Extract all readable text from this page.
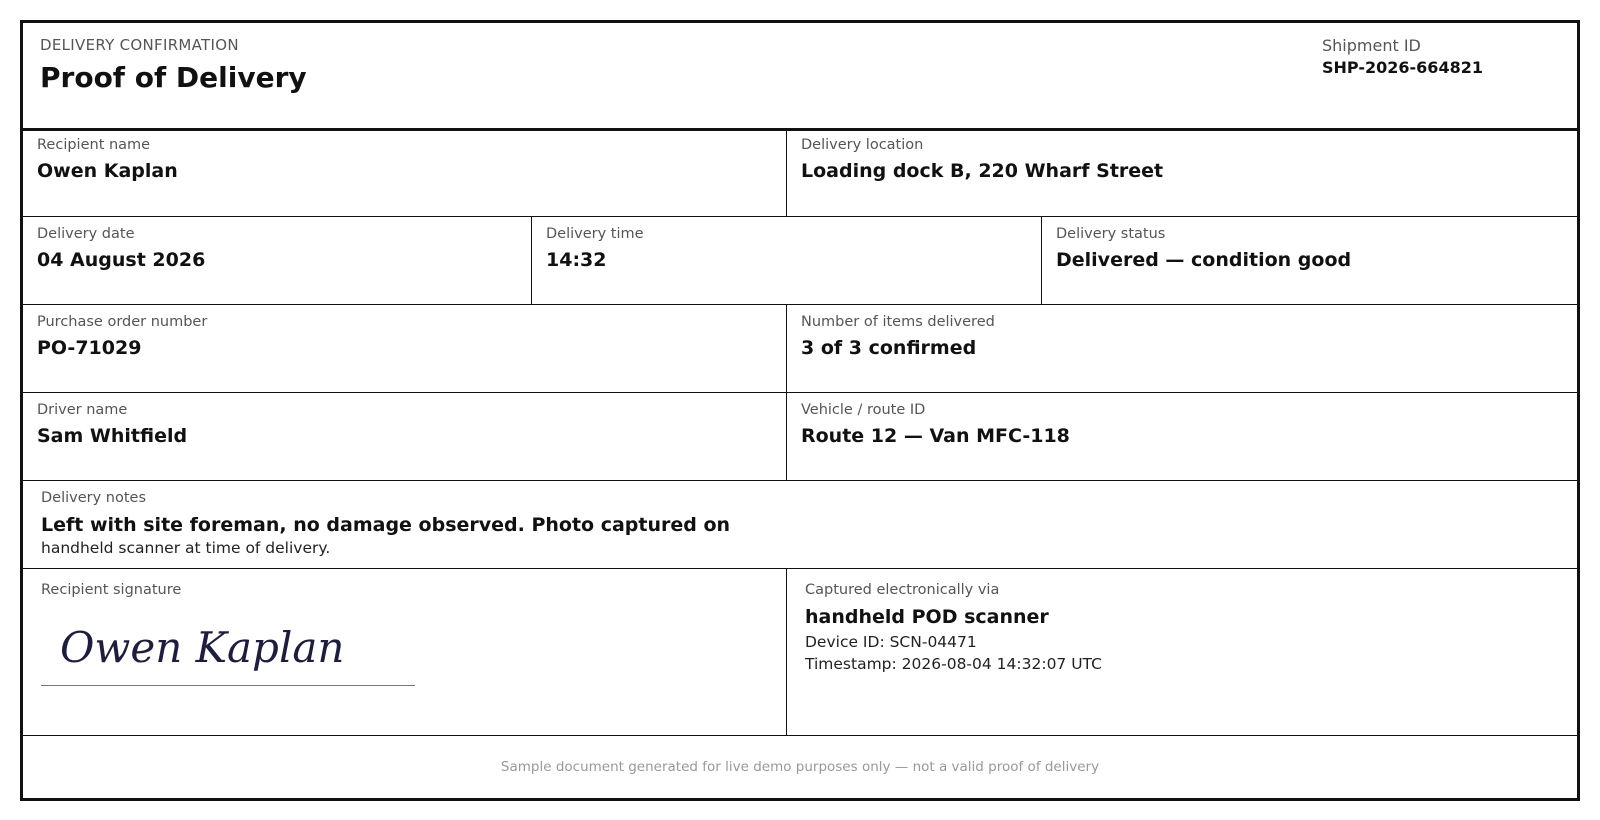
DELIVERY CONFIRMATION
Proof of Delivery
Shipment ID
SHP-2026-664821
Recipient name
Owen Kaplan
Delivery location
Loading dock B, 220 Wharf Street
Delivery date
04 August 2026
Delivery time
14:32
Delivery status
Delivered — condition good
Purchase order number
PO-71029
Number of items delivered
3 of 3 confirmed
Driver name
Sam Whitfield
Vehicle / route ID
Route 12 — Van MFC-118
Delivery notes
Left with site foreman, no damage observed. Photo captured on
handheld scanner at time of delivery.
Recipient signature
Owen Kaplan
Captured electronically via
handheld POD scanner
Device ID: SCN-04471
Timestamp: 2026-08-04 14:32:07 UTC
Sample document generated for live demo purposes only — not a valid proof of delivery
